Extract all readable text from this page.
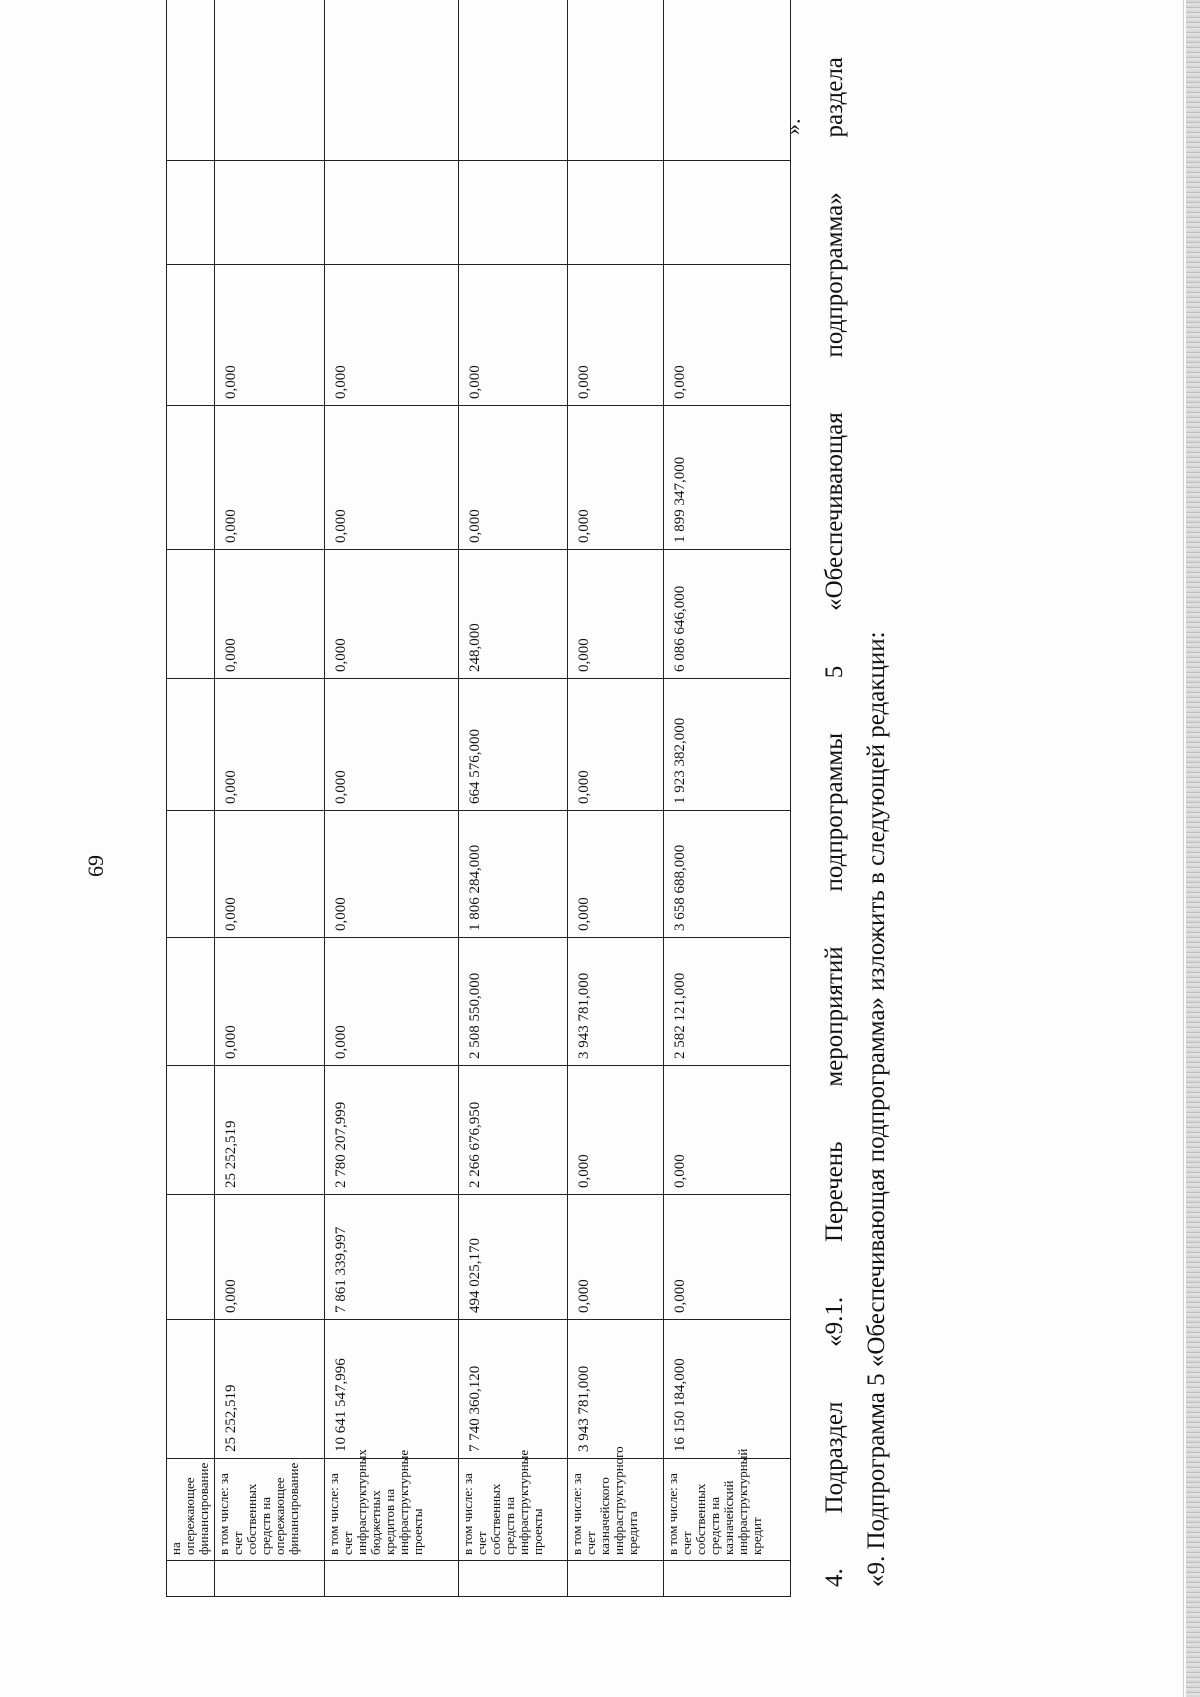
69
	на опережающее финансирование											
	в том числе: за счет собственных средств на опережающее финансирование	25 252,519	0,000	25 252,519	0,000	0,000	0,000	0,000	0,000	0,000		
	в том числе: за счет инфраструктурных бюджетных кредитов на инфраструктурные проекты	10 641 547,996	7 861 339,997	2 780 207,999	0,000	0,000	0,000	0,000	0,000	0,000		
	в том числе: за счет собственных средств на инфраструктурные проекты	7 740 360,120	494 025,170	2 266 676,950	2 508 550,000	1 806 284,000	664 576,000	248,000	0,000	0,000		
	в том числе: за счет казначейского инфраструктурного кредита	3 943 781,000	0,000	0,000	3 943 781,000	0,000	0,000	0,000	0,000	0,000		
	в том числе: за счет собственных средств на казначейский инфраструктурный кредит	16 150 184,000	0,000	0,000	2 582 121,000	3 658 688,000	1 923 382,000	6 086 646,000	1 899 347,000	0,000		
».
4.
Подраздел
«9.1.
Перечень
мероприятий
подпрограммы
5
«Обеспечивающая
подпрограмма»
раздела
«9. Подпрограмма 5 «Обеспечивающая подпрограмма» изложить в следующей редакции:
